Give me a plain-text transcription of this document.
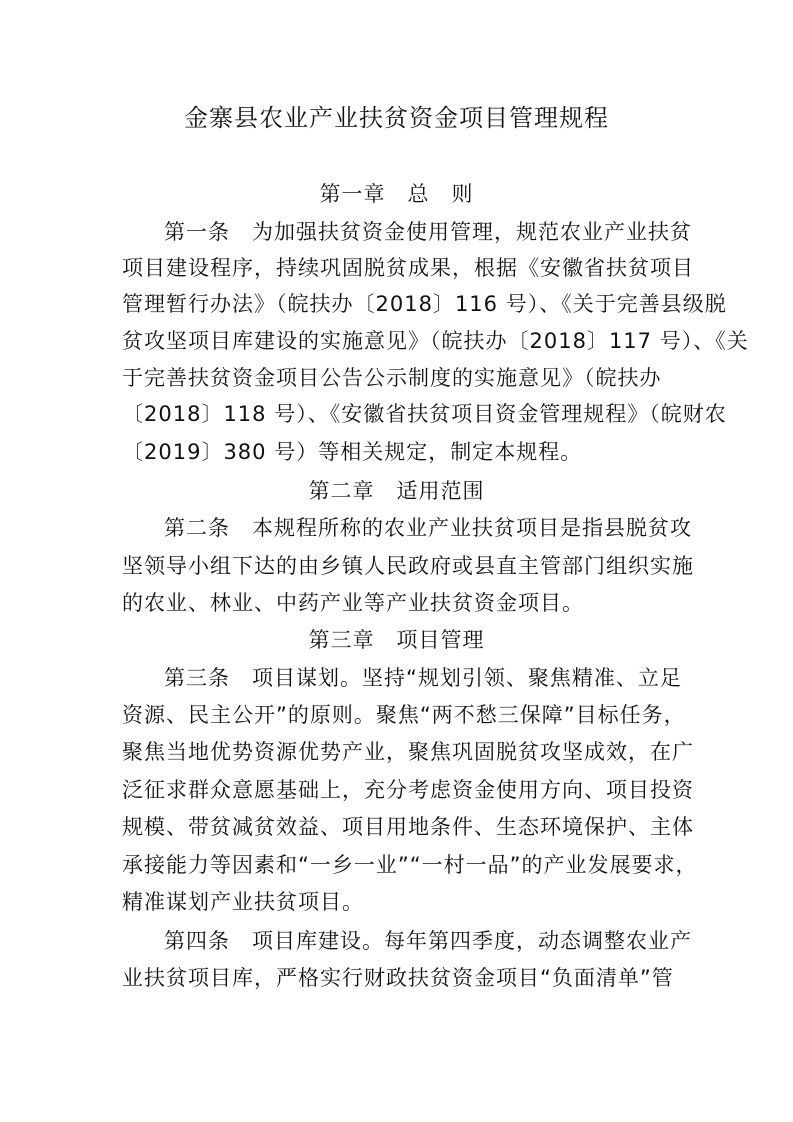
金寨县农业产业扶贫资金项目管理规程
第一章　总　则
第一条　为加强扶贫资金使用管理，规范农业产业扶贫
项目建设程序，持续巩固脱贫成果，根据《安徽省扶贫项目
管理暂行办法》（皖扶办〔2018〕116 号）、《关于完善县级脱
贫攻坚项目库建设的实施意见》（皖扶办〔2018〕117 号）、《关
于完善扶贫资金项目公告公示制度的实施意见》（皖扶办
〔2018〕118 号）、《安徽省扶贫项目资金管理规程》（皖财农
〔2019〕380 号）等相关规定，制定本规程。
第二章　适用范围
第二条　本规程所称的农业产业扶贫项目是指县脱贫攻
坚领导小组下达的由乡镇人民政府或县直主管部门组织实施
的农业、林业、中药产业等产业扶贫资金项目。
第三章　项目管理
第三条　项目谋划。坚持“规划引领、聚焦精准、立足
资源、民主公开”的原则。聚焦“两不愁三保障”目标任务，
聚焦当地优势资源优势产业，聚焦巩固脱贫攻坚成效，在广
泛征求群众意愿基础上，充分考虑资金使用方向、项目投资
规模、带贫减贫效益、项目用地条件、生态环境保护、主体
承接能力等因素和“一乡一业”“一村一品”的产业发展要求，
精准谋划产业扶贫项目。
第四条　项目库建设。每年第四季度，动态调整农业产
业扶贫项目库，严格实行财政扶贫资金项目“负面清单”管
